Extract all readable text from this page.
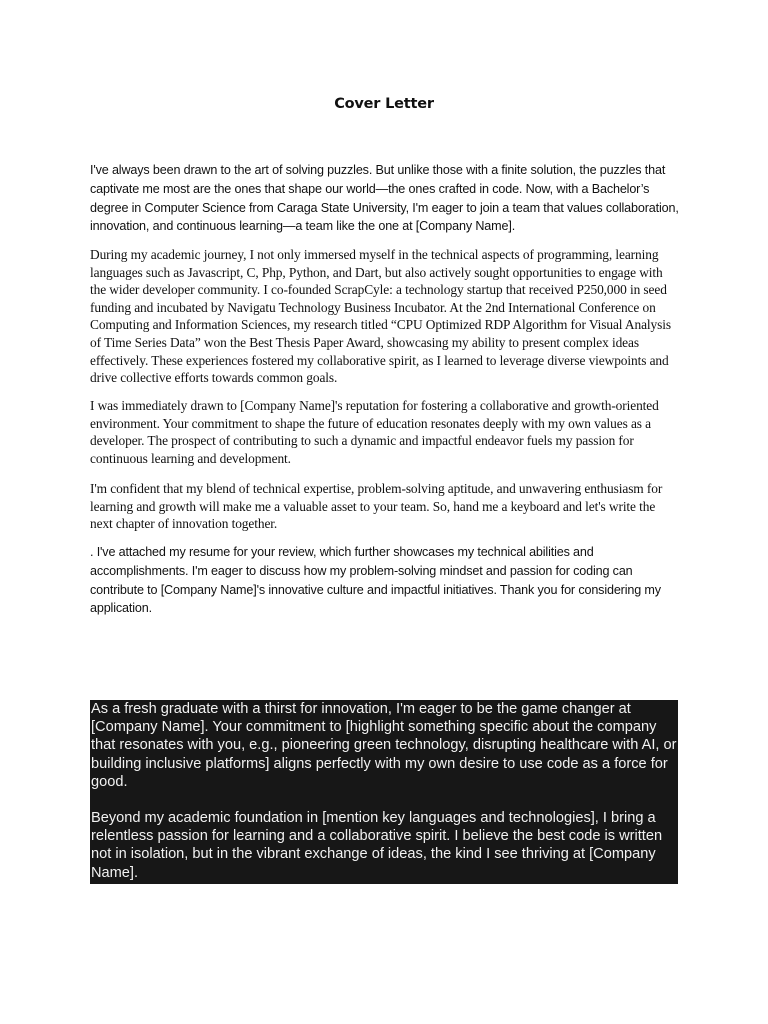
Cover Letter

I've always been drawn to the art of solving puzzles. But unlike those with a finite solution, the puzzles that captivate me most are the ones that shape our world—the ones crafted in code. Now, with a Bachelor’s degree in Computer Science from Caraga State University, I'm eager to join a team that values collaboration, innovation, and continuous learning—a team like the one at [Company Name].

During my academic journey, I not only immersed myself in the technical aspects of programming, learning languages such as Javascript, C, Php, Python, and Dart, but also actively sought opportunities to engage with the wider developer community. I co-founded ScrapCyle: a technology startup that received P250,000 in seed funding and incubated by Navigatu Technology Business Incubator. At the 2nd International Conference on Computing and Information Sciences, my research titled “CPU Optimized RDP Algorithm for Visual Analysis of Time Series Data” won the Best Thesis Paper Award, showcasing my ability to present complex ideas effectively. These experiences fostered my collaborative spirit, as I learned to leverage diverse viewpoints and drive collective efforts towards common goals.

I was immediately drawn to [Company Name]'s reputation for fostering a collaborative and growth-oriented environment. Your commitment to shape the future of education resonates deeply with my own values as a developer. The prospect of contributing to such a dynamic and impactful endeavor fuels my passion for continuous learning and development.

I'm confident that my blend of technical expertise, problem-solving aptitude, and unwavering enthusiasm for learning and growth will make me a valuable asset to your team. So, hand me a keyboard and let's write the next chapter of innovation together.

. I've attached my resume for your review, which further showcases my technical abilities and accomplishments. I'm eager to discuss how my problem-solving mindset and passion for coding can contribute to [Company Name]'s innovative culture and impactful initiatives. Thank you for considering my application.

As a fresh graduate with a thirst for innovation, I'm eager to be the game changer at [Company Name]. Your commitment to [highlight something specific about the company that resonates with you, e.g., pioneering green technology, disrupting healthcare with AI, or building inclusive platforms] aligns perfectly with my own desire to use code as a force for good.

Beyond my academic foundation in [mention key languages and technologies], I bring a relentless passion for learning and a collaborative spirit. I believe the best code is written not in isolation, but in the vibrant exchange of ideas, the kind I see thriving at [Company Name].
